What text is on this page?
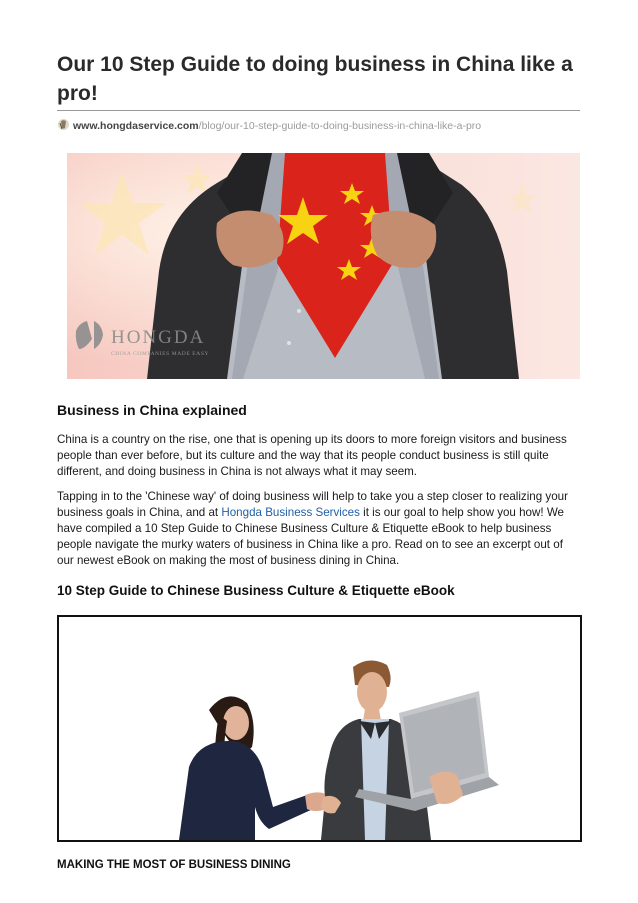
Our 10 Step Guide to doing business in China like a pro!
www.hongdaservice.com/blog/our-10-step-guide-to-doing-business-in-china-like-a-pro
HONGDA
CHINA COMPANIES MADE EASY
Business in China explained

China is a country on the rise, one that is opening up its doors to more foreign visitors and business people than ever before, but its culture and the way that its people conduct business is still quite different, and doing business in China is not always what it may seem.

Tapping in to the 'Chinese way' of doing business will help to take you a step closer to realizing your business goals in China, and at Hongda Business Services it is our goal to help show you how! We have compiled a 10 Step Guide to Chinese Business Culture & Etiquette eBook to help business people navigate the murky waters of business in China like a pro. Read on to see an excerpt out of our newest eBook on making the most of business dining in China.

10 Step Guide to Chinese Business Culture & Etiquette eBook

MAKING THE MOST OF BUSINESS DINING
